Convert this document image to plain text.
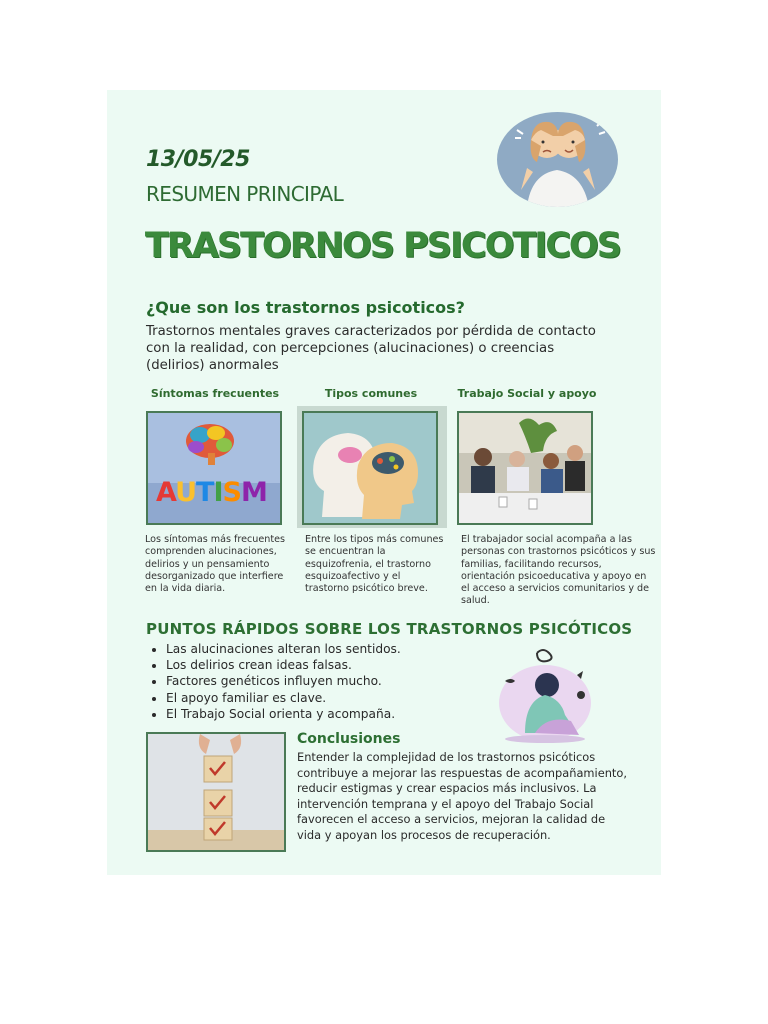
13/05/25
RESUMEN PRINCIPAL
TRASTORNOS PSICOTICOS
¿Que son los trastornos psicoticos?
Trastornos mentales graves caracterizados por pérdida de contacto con la realidad, con percepciones (alucinaciones) o creencias (delirios) anormales
Síntomas frecuentes	Tipos comunes	Trabajo Social y apoyo
AUTISM
Los síntomas más frecuentes comprenden alucinaciones, delirios y un pensamiento desorganizado que interfiere en la vida diaria.
Entre los tipos más comunes se encuentran la esquizofrenia, el trastorno esquizoafectivo y el trastorno psicótico breve.
El trabajador social acompaña a las personas con trastornos psicóticos y sus familias, facilitando recursos, orientación psicoeducativa y apoyo en el acceso a servicios comunitarios y de salud.
PUNTOS RÁPIDOS SOBRE LOS TRASTORNOS PSICÓTICOS
• Las alucinaciones alteran los sentidos.
• Los delirios crean ideas falsas.
• Factores genéticos influyen mucho.
• El apoyo familiar es clave.
• El Trabajo Social orienta y acompaña.
Conclusiones
Entender la complejidad de los trastornos psicóticos contribuye a mejorar las respuestas de acompañamiento, reducir estigmas y crear espacios más inclusivos. La intervención temprana y el apoyo del Trabajo Social favorecen el acceso a servicios, mejoran la calidad de vida y apoyan los procesos de recuperación.
